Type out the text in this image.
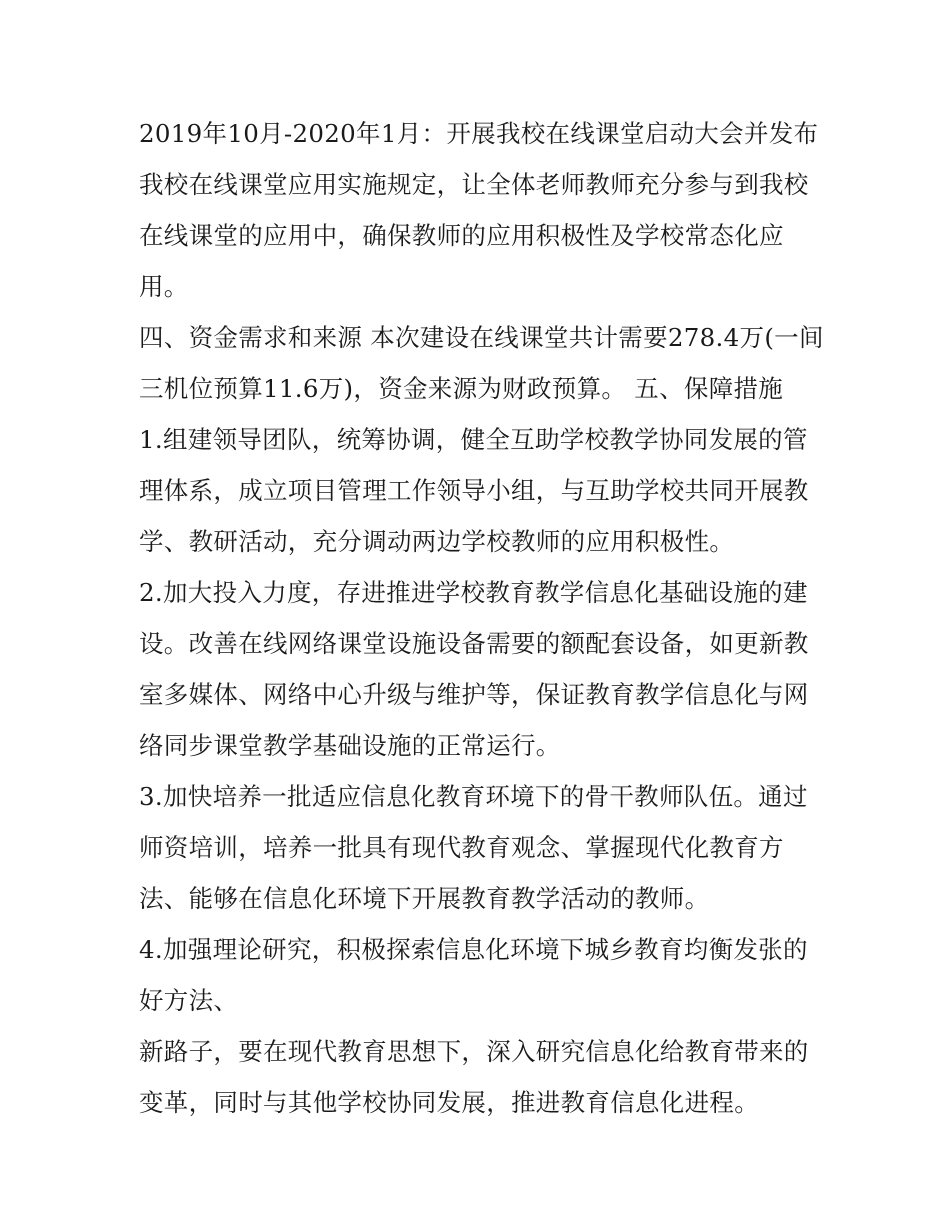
2019年10月-2020年1月：开展我校在线课堂启动大会并发布我校在线课堂应用实施规定，让全体老师教师充分参与到我校在线课堂的应用中，确保教师的应用积极性及学校常态化应用。

四、资金需求和来源 本次建设在线课堂共计需要278.4万(一间三机位预算11.6万)，资金来源为财政预算。 五、保障措施

1.组建领导团队，统筹协调，健全互助学校教学协同发展的管理体系，成立项目管理工作领导小组，与互助学校共同开展教学、教研活动，充分调动两边学校教师的应用积极性。

2.加大投入力度，存进推进学校教育教学信息化基础设施的建设。改善在线网络课堂设施设备需要的额配套设备，如更新教室多媒体、网络中心升级与维护等，保证教育教学信息化与网络同步课堂教学基础设施的正常运行。

3.加快培养一批适应信息化教育环境下的骨干教师队伍。通过师资培训，培养一批具有现代教育观念、掌握现代化教育方法、能够在信息化环境下开展教育教学活动的教师。

4.加强理论研究，积极探索信息化环境下城乡教育均衡发张的好方法、

新路子，要在现代教育思想下，深入研究信息化给教育带来的变革，同时与其他学校协同发展，推进教育信息化进程。
